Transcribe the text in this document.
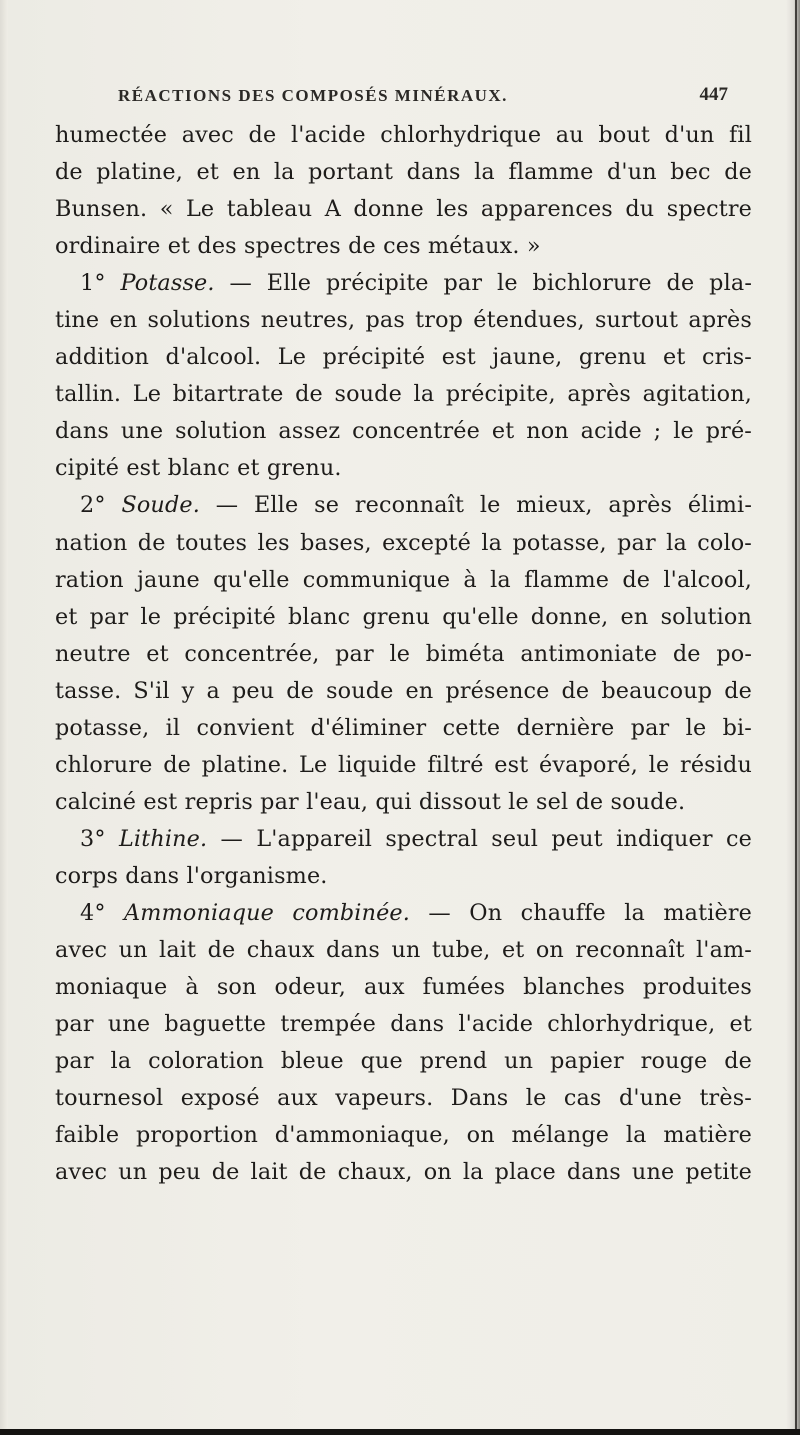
RÉACTIONS DES COMPOSÉS MINÉRAUX.	447
humectée avec de l'acide chlorhydrique au bout d'un fil
de platine, et en la portant dans la flamme d'un bec de
Bunsen. « Le tableau A donne les apparences du spectre
ordinaire et des spectres de ces métaux. »
1° Potasse. — Elle précipite par le bichlorure de pla-
tine en solutions neutres, pas trop étendues, surtout après
addition d'alcool. Le précipité est jaune, grenu et cris-
tallin. Le bitartrate de soude la précipite, après agitation,
dans une solution assez concentrée et non acide ; le pré-
cipité est blanc et grenu.
2° Soude. — Elle se reconnaît le mieux, après élimi-
nation de toutes les bases, excepté la potasse, par la colo-
ration jaune qu'elle communique à la flamme de l'alcool,
et par le précipité blanc grenu qu'elle donne, en solution
neutre et concentrée, par le biméta antimoniate de po-
tasse. S'il y a peu de soude en présence de beaucoup de
potasse, il convient d'éliminer cette dernière par le bi-
chlorure de platine. Le liquide filtré est évaporé, le résidu
calciné est repris par l'eau, qui dissout le sel de soude.
3° Lithine. — L'appareil spectral seul peut indiquer ce
corps dans l'organisme.
4° Ammoniaque combinée. — On chauffe la matière
avec un lait de chaux dans un tube, et on reconnaît l'am-
moniaque à son odeur, aux fumées blanches produites
par une baguette trempée dans l'acide chlorhydrique, et
par la coloration bleue que prend un papier rouge de
tournesol exposé aux vapeurs. Dans le cas d'une très-
faible proportion d'ammoniaque, on mélange la matière
avec un peu de lait de chaux, on la place dans une petite
